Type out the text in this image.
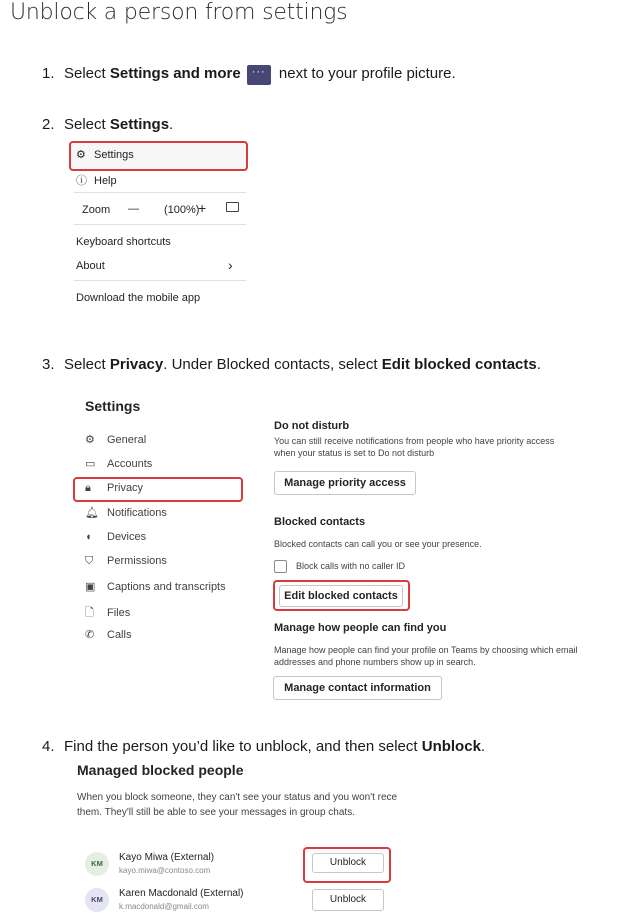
Unblock a person from settings
1. Select Settings and more ··· next to your profile picture.
2. Select Settings.
⚙ Settings
ⓘ Help
Zoom — (100%)
+
Keyboard shortcuts
About	›
Download the mobile app
3. Select Privacy. Under Blocked contacts, select Edit blocked contacts.
Settings
⚙ General
▭ Accounts
🔒︎ Privacy
🔔︎ Notifications
◖ Devices
⛉ Permissions
▣ Captions and transcripts
🗋︎ Files
✆ Calls
Do not disturb
You can still receive notifications from people who have priority access
when your status is set to Do not disturb
Manage priority access
Blocked contacts
Blocked contacts can call you or see your presence.
Block calls with no caller ID
Edit blocked contacts
Manage how people can find you
Manage how people can find your profile on Teams by choosing which email
addresses and phone numbers show up in search.
Manage contact information
4. Find the person you’d like to unblock, and then select Unblock.
Managed blocked people
When you block someone, they can't see your status and you won't rece
them. They'll still be able to see your messages in group chats.
KM
Kayo Miwa (External)
kayo.miwa@contoso.com
Unblock
KM
Karen Macdonald (External)
k.macdonald@gmail.com
Unblock
